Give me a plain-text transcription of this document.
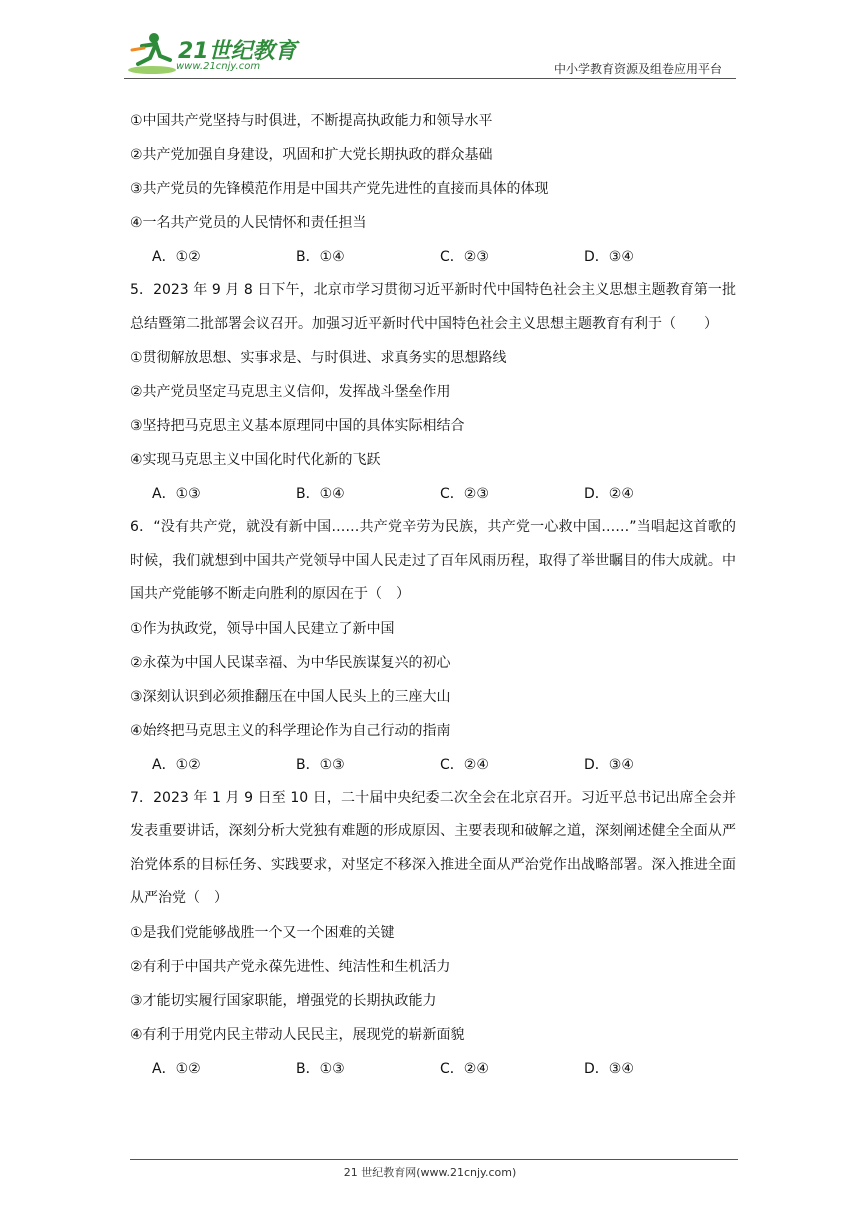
21世纪教育
www.21cnjy.com	中小学教育资源及组卷应用平台
①中国共产党坚持与时俱进，不断提高执政能力和领导水平
②共产党加强自身建设，巩固和扩大党长期执政的群众基础
③共产党员的先锋模范作用是中国共产党先进性的直接而具体的体现
④一名共产党员的人民情怀和责任担当
A．①②	B．①④	C．②③	D．③④
5．2023 年 9 月 8 日下午，北京市学习贯彻习近平新时代中国特色社会主义思想主题教育第一批总结暨第二批部署会议召开。加强习近平新时代中国特色社会主义思想主题教育有利于（　　）
①贯彻解放思想、实事求是、与时俱进、求真务实的思想路线
②共产党员坚定马克思主义信仰，发挥战斗堡垒作用
③坚持把马克思主义基本原理同中国的具体实际相结合
④实现马克思主义中国化时代化新的飞跃
A．①③	B．①④	C．②③	D．②④
6．“没有共产党，就没有新中国……共产党辛劳为民族，共产党一心救中国……”当唱起这首歌的时候，我们就想到中国共产党领导中国人民走过了百年风雨历程，取得了举世瞩目的伟大成就。中国共产党能够不断走向胜利的原因在于（　）
①作为执政党，领导中国人民建立了新中国
②永葆为中国人民谋幸福、为中华民族谋复兴的初心
③深刻认识到必须推翻压在中国人民头上的三座大山
④始终把马克思主义的科学理论作为自己行动的指南
A．①②	B．①③	C．②④	D．③④
7．2023 年 1 月 9 日至 10 日，二十届中央纪委二次全会在北京召开。习近平总书记出席全会并发表重要讲话，深刻分析大党独有难题的形成原因、主要表现和破解之道，深刻阐述健全全面从严治党体系的目标任务、实践要求，对坚定不移深入推进全面从严治党作出战略部署。深入推进全面从严治党（　）
①是我们党能够战胜一个又一个困难的关键
②有利于中国共产党永葆先进性、纯洁性和生机活力
③才能切实履行国家职能，增强党的长期执政能力
④有利于用党内民主带动人民民主，展现党的崭新面貌
A．①②	B．①③	C．②④	D．③④
21 世纪教育网(www.21cnjy.com)
